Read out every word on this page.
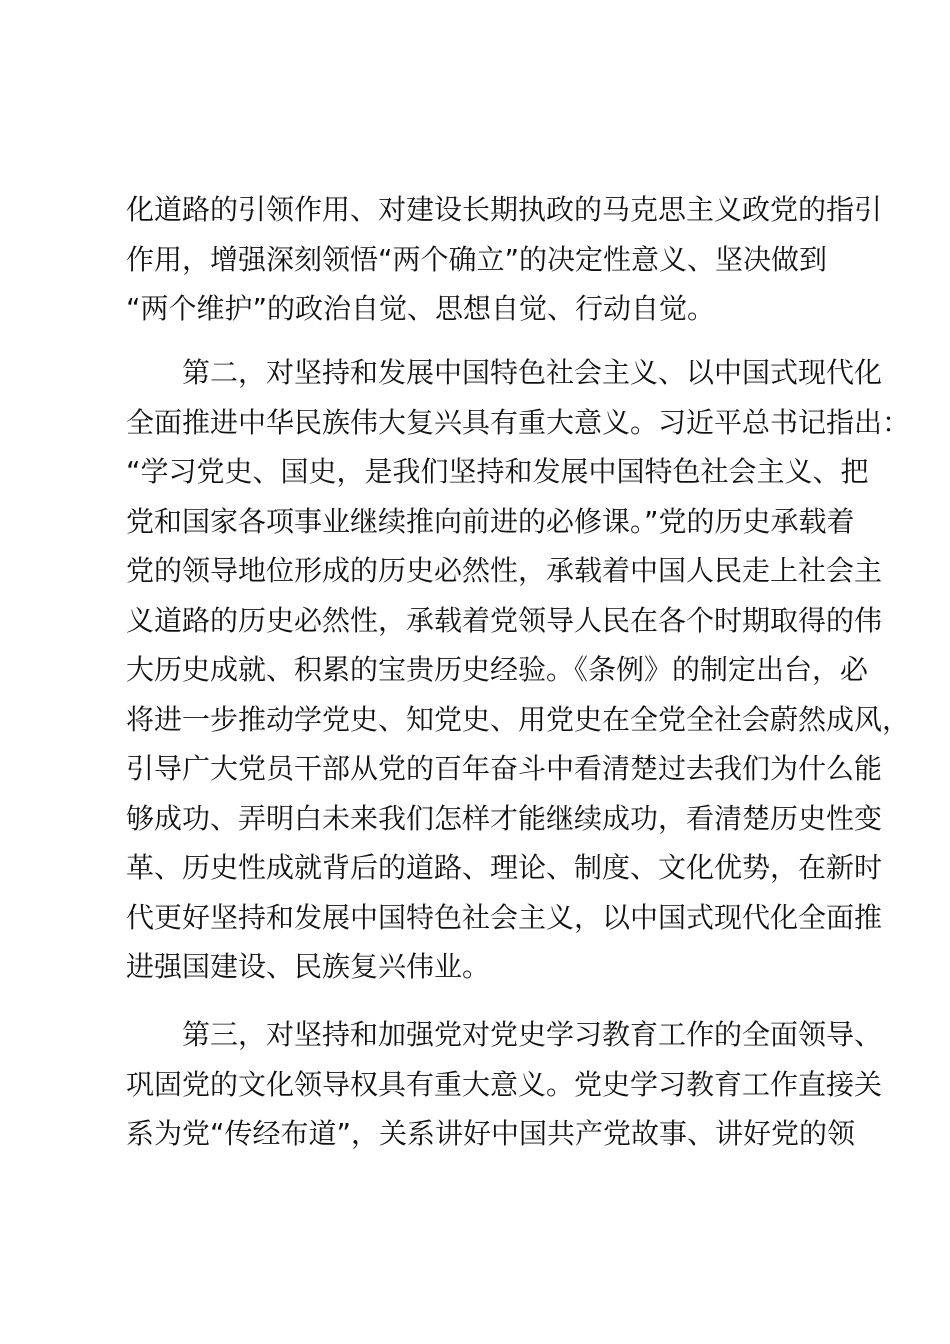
化道路的引领作用、对建设长期执政的马克思主义政党的指引
作用，增强深刻领悟“两个确立”的决定性意义、坚决做到
“两个维护”的政治自觉、思想自觉、行动自觉。
第二，对坚持和发展中国特色社会主义、以中国式现代化
全面推进中华民族伟大复兴具有重大意义。习近平总书记指出：
“学习党史、国史，是我们坚持和发展中国特色社会主义、把
党和国家各项事业继续推向前进的必修课。”党的历史承载着
党的领导地位形成的历史必然性，承载着中国人民走上社会主
义道路的历史必然性，承载着党领导人民在各个时期取得的伟
大历史成就、积累的宝贵历史经验。《条例》的制定出台，必
将进一步推动学党史、知党史、用党史在全党全社会蔚然成风，
引导广大党员干部从党的百年奋斗中看清楚过去我们为什么能
够成功、弄明白未来我们怎样才能继续成功，看清楚历史性变
革、历史性成就背后的道路、理论、制度、文化优势，在新时
代更好坚持和发展中国特色社会主义，以中国式现代化全面推
进强国建设、民族复兴伟业。
第三，对坚持和加强党对党史学习教育工作的全面领导、
巩固党的文化领导权具有重大意义。党史学习教育工作直接关
系为党“传经布道”，关系讲好中国共产党故事、讲好党的领
